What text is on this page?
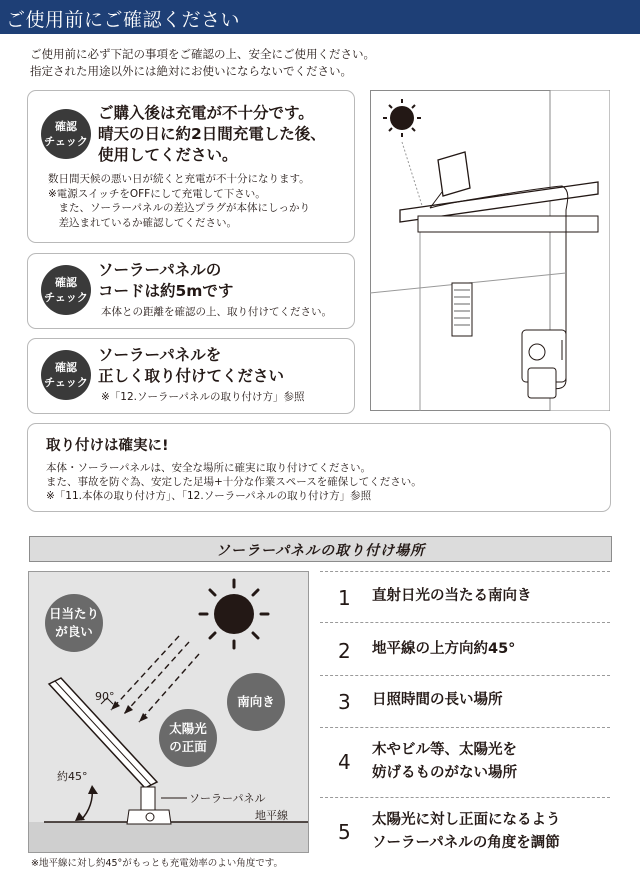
ご使用前にご確認ください
ご使用前に必ず下記の事項をご確認の上、安全にご使用ください。
指定された用途以外には絶対にお使いにならないでください。
確認
チェック
ご購入後は充電が不十分です。
晴天の日に約2日間充電した後、
使用してください。
数日間天候の悪い日が続くと充電が不十分になります。
※電源スイッチをOFFにして充電して下さい。
　また、ソーラーパネルの差込プラグが本体にしっかり
　差込まれているか確認してください。
確認
チェック
ソーラーパネルの
コードは約5mです
本体との距離を確認の上、取り付けてください。
確認
チェック
ソーラーパネルを
正しく取り付けてください
※「12.ソーラーパネルの取り付け方」参照
取り付けは確実に!
本体・ソーラーパネルは、安全な場所に確実に取り付けてください。
また、事故を防ぐ為、安定した足場+十分な作業スペースを確保してください。
※「11.本体の取り付け方」、「12.ソーラーパネルの取り付け方」参照
ソーラーパネルの取り付け場所
日当たり
が良い
南向き
太陽光
の正面
90°
約45°
ソーラーパネル
地平線
※地平線に対し約45°がもっとも充電効率のよい角度です。
1 直射日光の当たる南向き
2 地平線の上方向約45°
3 日照時間の長い場所
4 木やビル等、太陽光を
妨げるものがない場所
5 太陽光に対し正面になるよう
ソーラーパネルの角度を調節
